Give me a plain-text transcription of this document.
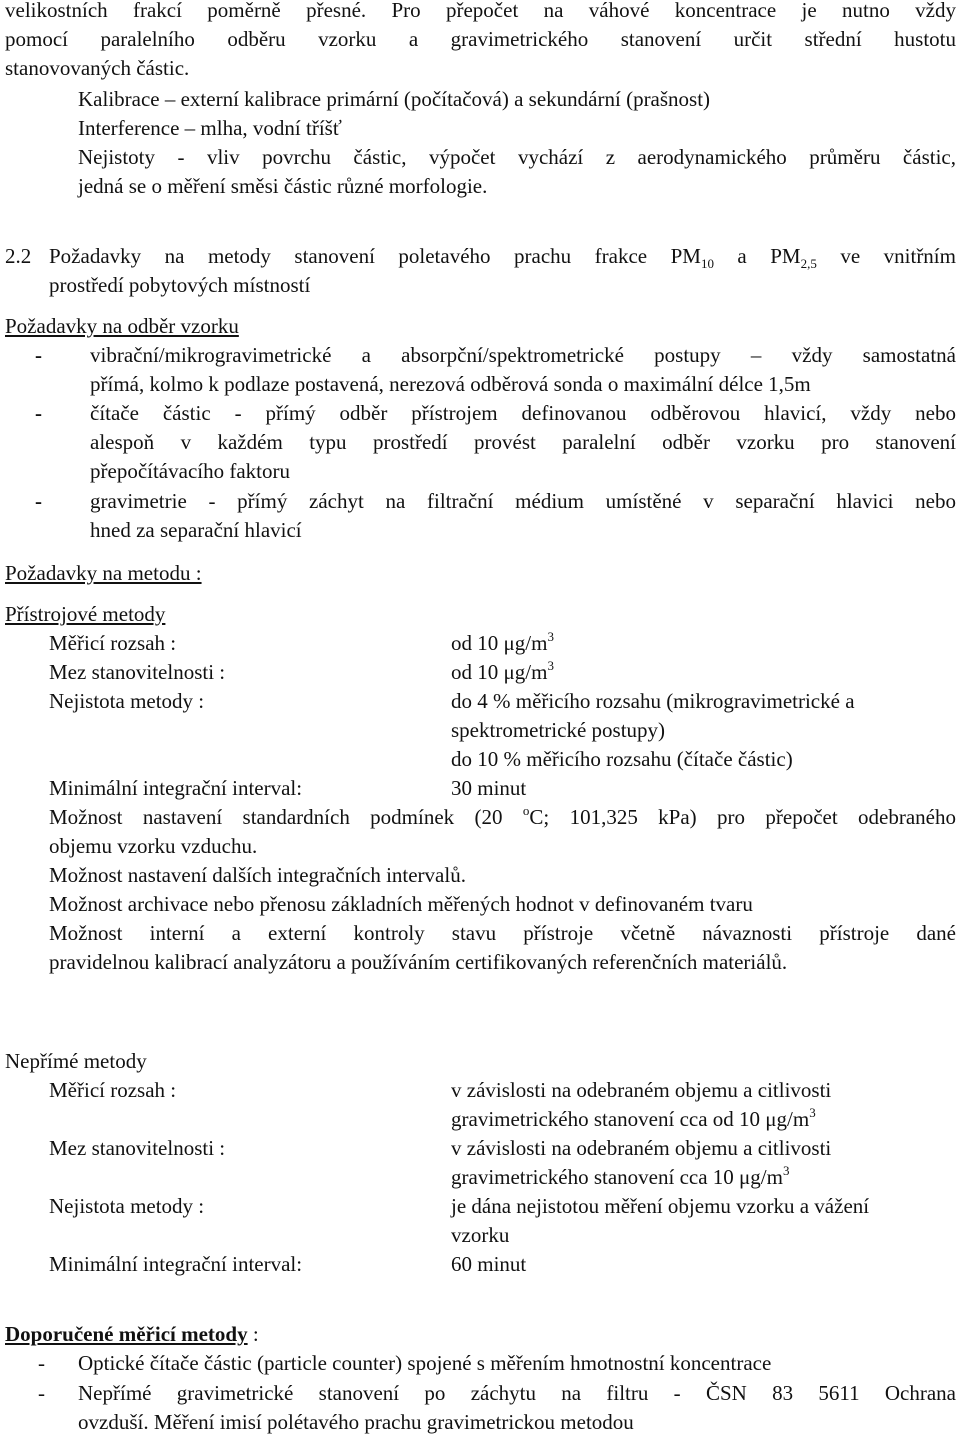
velikostních frakcí poměrně přesné. Pro přepočet na váhové koncentrace je nutno vždy
pomocí paralelního odběru vzorku a gravimetrického stanovení určit střední hustotu
stanovovaných částic.
Kalibrace – externí kalibrace primární (počítačová) a sekundární (prašnost)
Interference – mlha, vodní tříšť
Nejistoty - vliv povrchu částic, výpočet vychází z aerodynamického průměru částic,
jedná se o měření směsi částic různé morfologie.
2.2 Požadavky na metody stanovení poletavého prachu frakce $PM_{10}$ a $PM_{2,5}$ ve vnitřním
prostředí pobytových místností
Požadavky na odběr vzorku
- vibrační/mikrogravimetrické a absorpční/spektrometrické postupy – vždy samostatná
přímá, kolmo k podlaze postavená, nerezová odběrová sonda o maximální délce 1,5m
- čítače částic - přímý odběr přístrojem definovanou odběrovou hlavicí, vždy nebo
alespoň v každém typu prostředí provést paralelní odběr vzorku pro stanovení
přepočítávacího faktoru
- gravimetrie - přímý záchyt na filtrační médium umístěné v separační hlavici nebo
hned za separační hlavicí
Požadavky na metodu :
Přístrojové metody
Měřicí rozsah :	od 10 $\mu g/m^3$
Mez stanovitelnosti :	od 10 $\mu g/m^3$
Nejistota metody :	do 4 % měřicího rozsahu (mikrogravimetrické a
spektrometrické postupy)
do 10 % měřicího rozsahu (čítače částic)
Minimální integrační interval:	30 minut
Možnost nastavení standardních podmínek (20 $^o$C; 101,325 kPa) pro přepočet odebraného
objemu vzorku vzduchu.
Možnost nastavení dalších integračních intervalů.
Možnost archivace nebo přenosu základních měřených hodnot v definovaném tvaru
Možnost interní a externí kontroly stavu přístroje včetně návaznosti přístroje dané
pravidelnou kalibrací analyzátoru a používáním certifikovaných referenčních materiálů.
Nepřímé metody
Měřicí rozsah :	v závislosti na odebraném objemu a citlivosti
gravimetrického stanovení cca od 10 $\mu g/m^3$
Mez stanovitelnosti :	v závislosti na odebraném objemu a citlivosti
gravimetrického stanovení cca 10 $\mu g/m^3$
Nejistota metody :	je dána nejistotou měření objemu vzorku a vážení
vzorku
Minimální integrační interval:	60 minut
Doporučené měřicí metody :
- Optické čítače částic (particle counter) spojené s měřením hmotnostní koncentrace
- Nepřímé gravimetrické stanovení po záchytu na filtru - ČSN 83 5611 Ochrana
ovzduší. Měření imisí polétavého prachu gravimetrickou metodou
